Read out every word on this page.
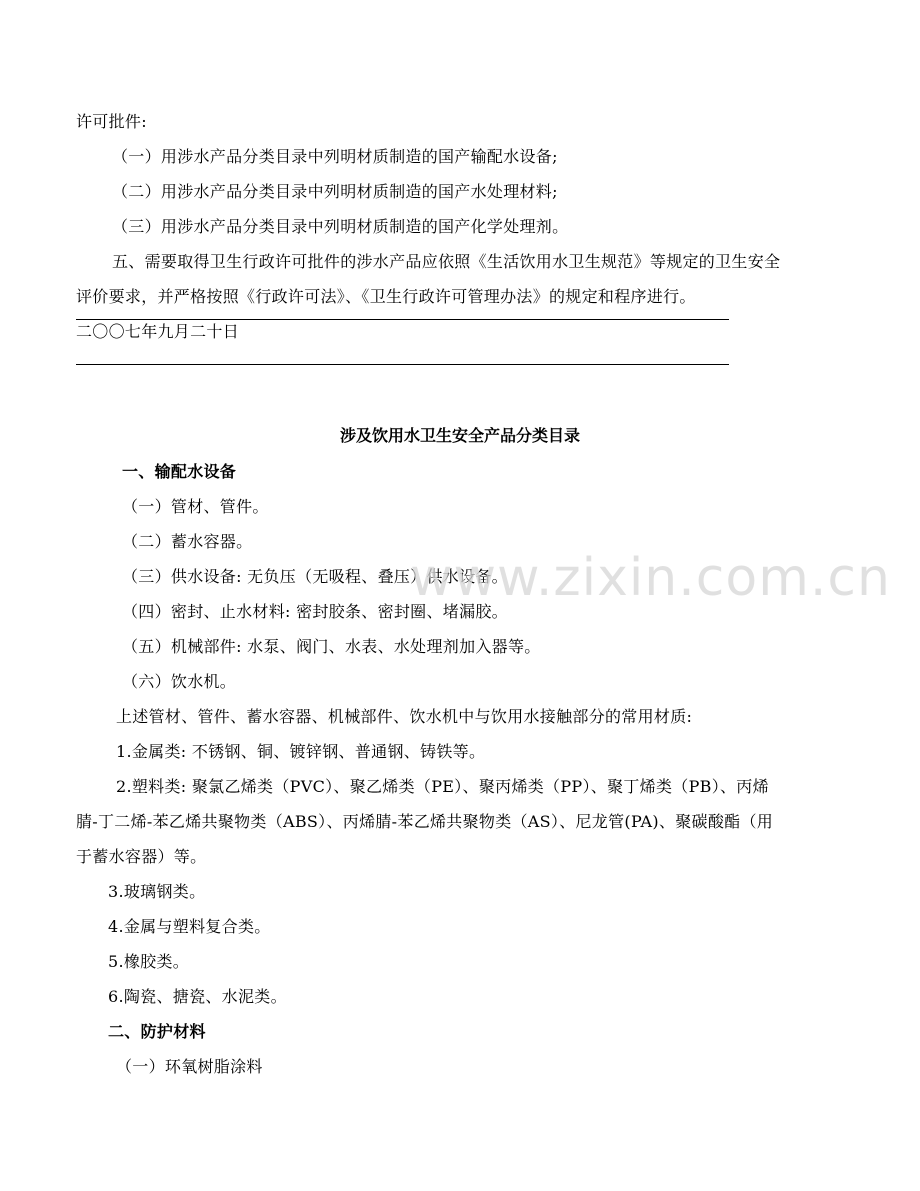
许可批件:
（一）用涉水产品分类目录中列明材质制造的国产输配水设备;
（二）用涉水产品分类目录中列明材质制造的国产水处理材料;
（三）用涉水产品分类目录中列明材质制造的国产化学处理剂。
五、需要取得卫生行政许可批件的涉水产品应依照《生活饮用水卫生规范》等规定的卫生安全
评价要求，并严格按照《行政许可法》、《卫生行政许可管理办法》的规定和程序进行。
二〇〇七年九月二十日
涉及饮用水卫生安全产品分类目录
一、输配水设备
（一）管材、管件。
（二）蓄水容器。
（三）供水设备: 无负压（无吸程、叠压）供水设备。
（四）密封、止水材料: 密封胶条、密封圈、堵漏胶。
（五）机械部件: 水泵、阀门、水表、水处理剂加入器等。
（六）饮水机。
上述管材、管件、蓄水容器、机械部件、饮水机中与饮用水接触部分的常用材质:
1.金属类: 不锈钢、铜、镀锌钢、普通钢、铸铁等。
2.塑料类: 聚氯乙烯类（PVC）、聚乙烯类（PE）、聚丙烯类（PP）、聚丁烯类（PB）、丙烯
腈-丁二烯-苯乙烯共聚物类（ABS）、丙烯腈-苯乙烯共聚物类（AS）、尼龙管(PA)、聚碳酸酯（用
于蓄水容器）等。
3.玻璃钢类。
4.金属与塑料复合类。
5.橡胶类。
6.陶瓷、搪瓷、水泥类。
二、防护材料
（一）环氧树脂涂料
www.zixin.com.cn
